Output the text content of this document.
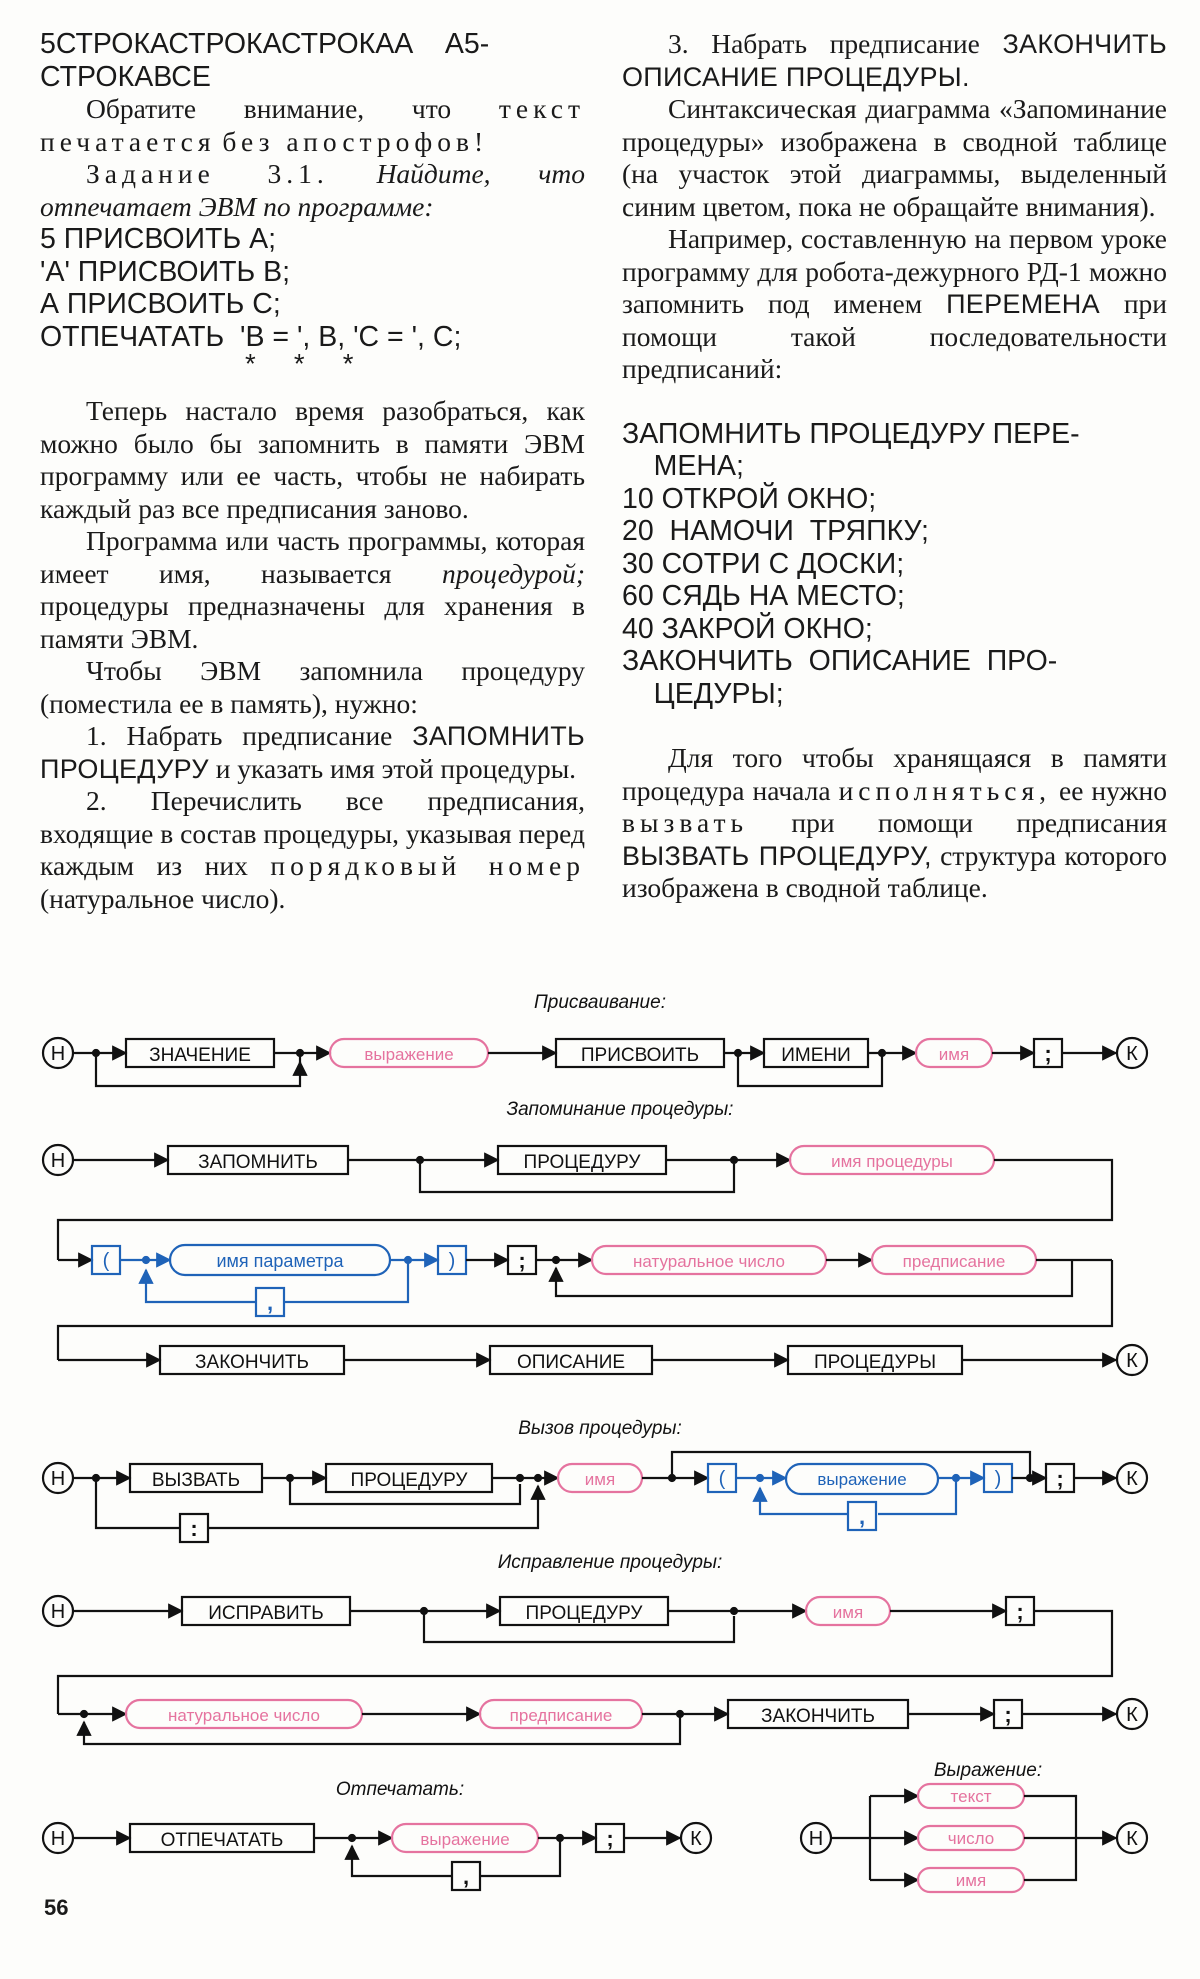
5СТРОКАСТРОКАСТРОКАА    А5-

СТРОКАВСЕ

Обратите внимание, что текст печатается без апострофов!

Задание 3.1. Найдите, что отпечатает ЭВМ по программе:

5 ПРИСВОИТЬ А;

'А' ПРИСВОИТЬ В;

А ПРИСВОИТЬ С;

ОТПЕЧАТАТЬ  'В = ', В, 'С = ', С;

*     *     *

Теперь настало время разобраться, как можно было бы запомнить в памяти ЭВМ программу или ее часть, чтобы не набирать каждый раз все предписания заново.

Программа или часть программы, которая имеет имя, называется процедурой; процедуры предназначены для хранения в памяти ЭВМ.

Чтобы ЭВМ запомнила процедуру (поместила ее в память), нужно:

1. Набрать предписание ЗАПОМНИТЬ ПРОЦЕДУРУ и указать имя этой процедуры.

2. Перечислить все предписания, входящие в состав процедуры, указывая перед каждым из них порядковый номер (натуральное число).

3. Набрать предписание ЗАКОНЧИТЬ ОПИСАНИЕ ПРОЦЕДУРЫ.

Синтаксическая диаграмма «Запоминание процедуры» изображена в сводной таблице (на участок этой диаграммы, выделенный синим цветом, пока не обращайте внимания).

Например, составленную на первом уроке программу для робота-дежурного РД-1 можно запомнить под именем ПЕРЕМЕНА при помощи такой последовательности предписаний:

ЗАПОМНИТЬ ПРОЦЕДУРУ ПЕРЕ-

МЕНА;

10 ОТКРОЙ ОКНО;

20  НАМОЧИ  ТРЯПКУ;

30 СОТРИ С ДОСКИ;

60 СЯДЬ НА МЕСТО;

40 ЗАКРОЙ ОКНО;

ЗАКОНЧИТЬ  ОПИСАНИЕ  ПРО-

ЦЕДУРЫ;

Для того чтобы хранящаяся в памяти процедура начала исполняться, ее нужно вызвать при помощи предписания ВЫЗВАТЬ ПРОЦЕДУРУ, структура которого изображена в сводной таблице.

Присваивание:
Н	ЗНАЧЕНИЕ	выражение	ПРИСВОИТЬ	ИМЕНИ	имя	;	К
Запоминание процедуры:
Н	ЗАПОМНИТЬ	ПРОЦЕДУРУ	имя процедуры
(	имя параметра
,
)	;	натуральное число	предписание
ЗАКОНЧИТЬ	ОПИСАНИЕ	ПРОЦЕДУРЫ	К
Вызов процедуры:
Н	ВЫЗВАТЬ	ПРОЦЕДУРУ
:
имя	(	выражение
,
)	;	К
Исправление процедуры:
Н	ИСПРАВИТЬ	ПРОЦЕДУРУ	имя	;
натуральное число	предписание	ЗАКОНЧИТЬ	;	К
Отпечатать:
Н	ОТПЕЧАТАТЬ	выражение
,
;	К
Выражение:
Н
текст
число
имя
К
56
